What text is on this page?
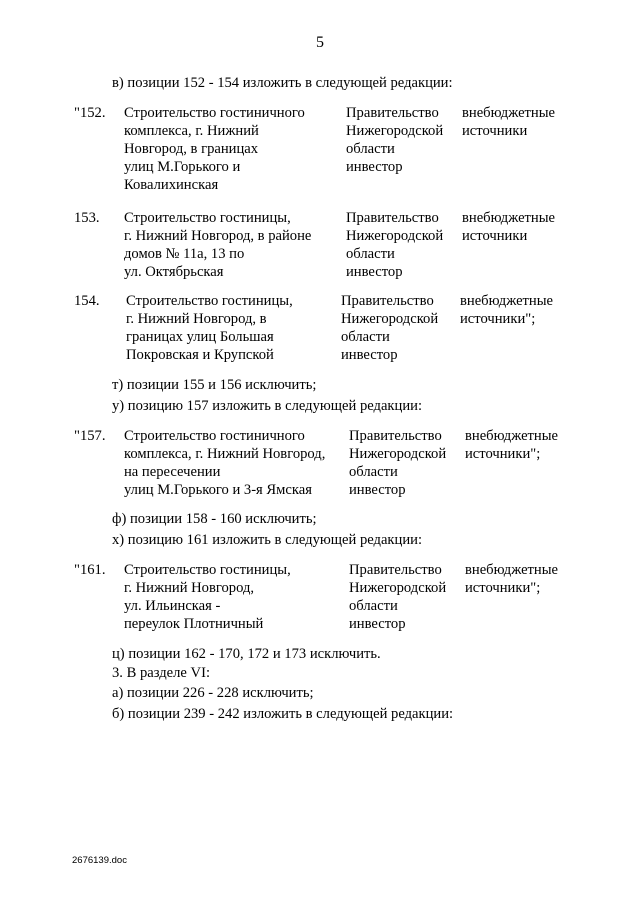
5
в) позиции 152 - 154 изложить в следующей редакции:
"152. Строительство гостиничного
комплекса, г. Нижний
Новгород, в границах
улиц М.Горького и
Ковалихинская
Правительство
Нижегородской
области
инвестор
внебюджетные
источники
153. Строительство гостиницы,
г. Нижний Новгород, в районе
домов № 11а, 13 по
ул. Октябрьская
Правительство
Нижегородской
области
инвестор
внебюджетные
источники
154. Строительство гостиницы,
г. Нижний Новгород, в
границах улиц Большая
Покровская и Крупской
Правительство
Нижегородской
области
инвестор
внебюджетные
источники";
т) позиции 155 и 156 исключить;
у) позицию 157 изложить в следующей редакции:
"157. Строительство гостиничного
комплекса, г. Нижний Новгород,
на пересечении
улиц М.Горького и 3-я Ямская
Правительство
Нижегородской
области
инвестор
внебюджетные
источники";
ф) позиции 158 - 160 исключить;
х) позицию 161 изложить в следующей редакции:
"161. Строительство гостиницы,
г. Нижний Новгород,
ул. Ильинская -
переулок Плотничный
Правительство
Нижегородской
области
инвестор
внебюджетные
источники";
ц) позиции 162 - 170, 172 и 173 исключить.
3. В разделе VI:
а) позиции 226 - 228 исключить;
б) позиции 239 - 242 изложить в следующей редакции:
2676139.doc
